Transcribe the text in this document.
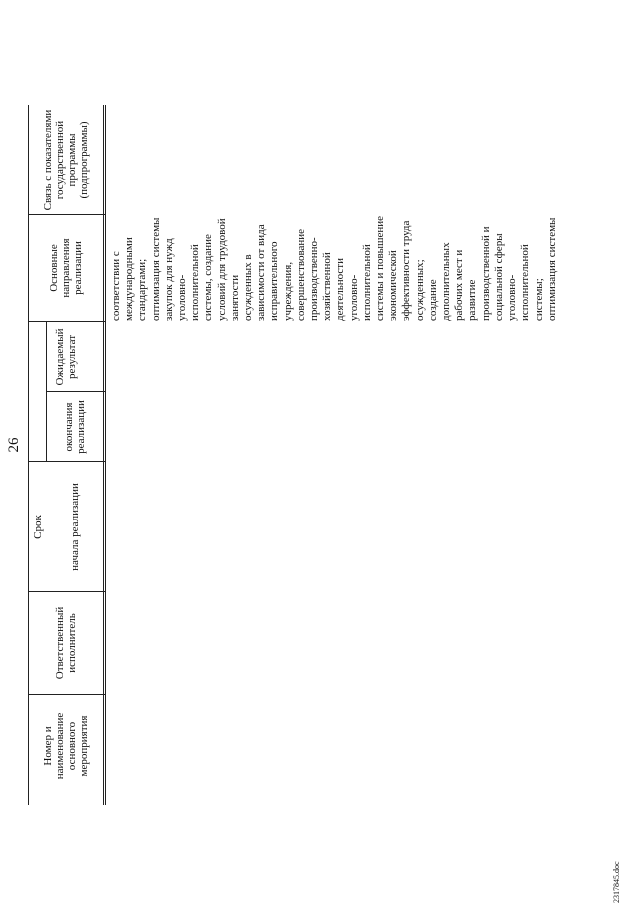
26
Номер и наименование основного мероприятия
Ответственный исполнитель
Срок	начала реализации
окончания реализации
Ожидаемый результат
Основные направления реализации
Связь с показателями государственной программы (подпрограммы)
соответствии с
международными
стандартами;
оптимизация системы
закупок для нужд
уголовно-
исполнительной
системы, создание
условий для трудовой
занятости
осужденных в
зависимости от вида
исправительного
учреждения,
совершенствование
производственно-
хозяйственной
деятельности
уголовно-
исполнительной
системы и повышение
экономической
эффективности труда
осужденных;
создание
дополнительных
рабочих мест и
развитие
производственной и
социальной сферы
уголовно-
исполнительной
системы;
оптимизация системы
2317845.doc
